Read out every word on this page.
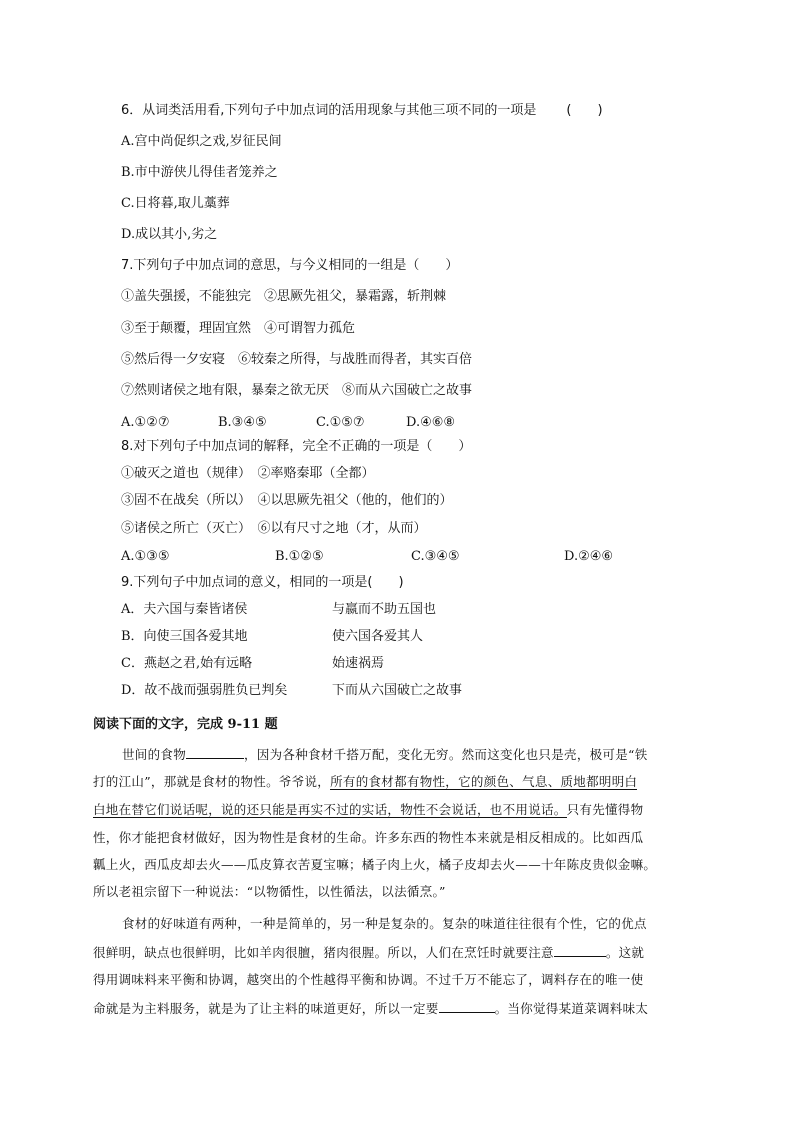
6．从词类活用看,下列句子中加点词的活用现象与其他三项不同的一项是 (　　)
A.宫中尚促织之戏,岁征民间
B.市中游侠儿得佳者笼养之
C.日将暮,取儿藁葬
D.成以其小,劣之
7.下列句子中加点词的意思，与今义相同的一组是（　　）
①盖失强援，不能独完　②思厥先祖父，暴霜露，斩荆棘
③至于颠覆，理固宜然　④可谓智力孤危
⑤然后得一夕安寝　⑥较秦之所得，与战胜而得者，其实百倍
⑦然则诸侯之地有限，暴秦之欲无厌　⑧而从六国破亡之故事
A.①②⑦	B.③④⑤	C.①⑤⑦	D.④⑥⑧
8.对下列句子中加点词的解释，完全不正确的一项是（　　）
①破灭之道也（规律）　②率赂秦耶（全都）
③固不在战矣（所以）　④以思厥先祖父（他的，他们的）
⑤诸侯之所亡（灭亡）　⑥以有尺寸之地（才，从而）
A.①③⑤	B.①②⑤	C.③④⑤	D.②④⑥
9.下列句子中加点词的意义，相同的一项是(　　)
A．夫六国与秦皆诸侯	与嬴而不助五国也
B．向使三国各爱其地	使六国各爱其人
C．燕赵之君,始有远略	始速祸焉
D．故不战而强弱胜负已判矣	下而从六国破亡之故事
阅读下面的文字，完成 9-11 题
世间的食物	，因为各种食材千搭万配，变化无穷。然而这变化也只是壳，极可是“铁
打的江山”，那就是食材的物性。爷爷说，所有的食材都有物性，它的颜色、气息、质地都明明白
白地在替它们说话呢，说的还只能是再实不过的实话，物性不会说话，也不用说话。只有先懂得物
性，你才能把食材做好，因为物性是食材的生命。许多东西的物性本来就是相反相成的。比如西瓜
瓤上火，西瓜皮却去火——瓜皮算衣苦夏宝嘛；橘子肉上火，橘子皮却去火——十年陈皮贵似金嘛。
所以老祖宗留下一种说法：“以物循性，以性循法，以法循烹。”
食材的好味道有两种，一种是简单的，另一种是复杂的。复杂的味道往往很有个性，它的优点
很鲜明，缺点也很鲜明，比如羊肉很膻，猪肉很腥。所以，人们在烹饪时就要注意	。这就
得用调味料来平衡和协调，越突出的个性越得平衡和协调。不过千万不能忘了，调料存在的唯一使
命就是为主料服务，就是为了让主料的味道更好，所以一定要	。当你觉得某道菜调料味太
